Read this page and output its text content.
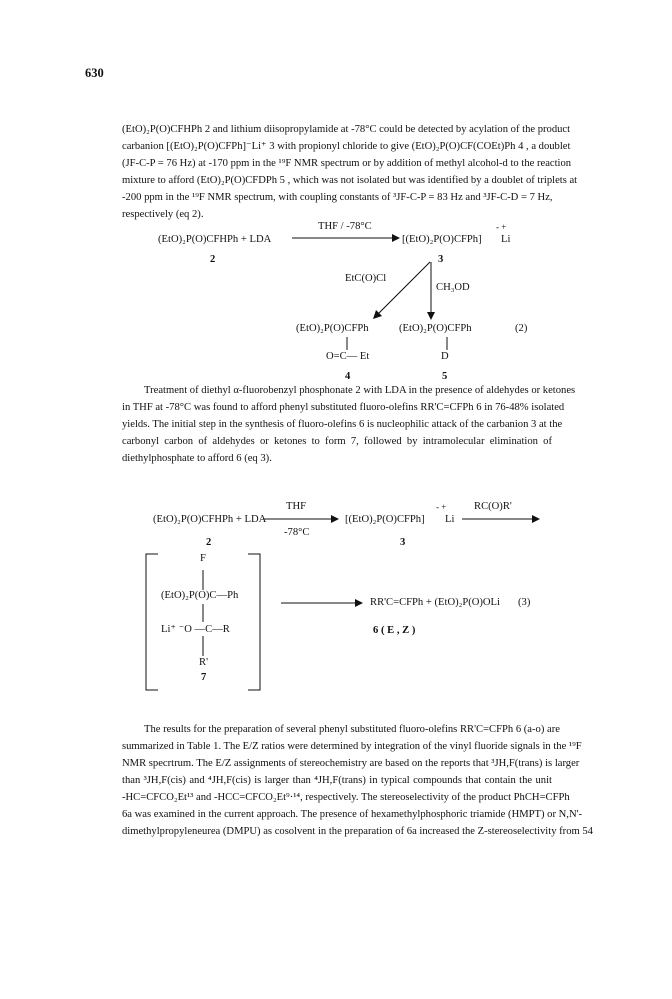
630
(EtO)₂P(O)CFHPh 2 and lithium diisopropylamide at -78°C could be detected by acylation of the product
carbanion [(EtO)₂P(O)CFPh]⁻Li⁺ 3 with propionyl chloride to give (EtO)₂P(O)CF(COEt)Ph 4 , a doublet
(JF-C-P = 76 Hz) at -170 ppm in the ¹⁹F NMR spectrum or by addition of methyl alcohol-d to the reaction
mixture to afford (EtO)₂P(O)CFDPh 5 , which was not isolated but was identified by a doublet of triplets at
-200 ppm in the ¹⁹F NMR spectrum, with coupling constants of ³JF-C-P = 83 Hz and ³JF-C-D = 7 Hz,
respectively (eq 2).
(EtO)₂P(O)CFHPh + LDA
2
THF / -78°C
[(EtO)₂P(O)CFPh]
- +
Li
3
EtC(O)Cl
CH₃OD
(EtO)₂P(O)CFPh
O=C— Et
(EtO)₂P(O)CFPh
D
(2)
4	5
Treatment of diethyl α-fluorobenzyl phosphonate 2 with LDA in the presence of aldehydes or ketones
in THF at -78°C was found to afford phenyl substituted fluoro-olefins RR'C=CFPh 6 in 76-48% isolated
yields. The initial step in the synthesis of fluoro-olefins 6 is nucleophilic attack of the carbanion 3 at the
carbonyl carbon of aldehydes or ketones to form 7, followed by intramolecular elimination of
diethylphosphate to afford 6 (eq 3).
(EtO)₂P(O)CFHPh + LDA
2
THF
-78°C
[(EtO)₂P(O)CFPh]
- +
Li
3
RC(O)R'
F
(EtO)₂P(O)C—Ph
Li⁺ ⁻O —C—R
R'
7
RR'C=CFPh + (EtO)₂P(O)OLi (3)
6 ( E , Z )
The results for the preparation of several phenyl substituted fluoro-olefins RR'C=CFPh 6 (a-o) are
summarized in Table 1. The E/Z ratios were determined by integration of the vinyl fluoride signals in the ¹⁹F
NMR specrtrum. The E/Z assignments of stereochemistry are based on the reports that ³JH,F(trans) is larger
than ³JH,F(cis) and ⁴JH,F(cis) is larger than ⁴JH,F(trans) in typical compounds that contain the unit
-HC=CFCO₂Et¹³ and -HCC=CFCO₂Et⁹·¹⁴, respectively. The stereoselectivity of the product PhCH=CFPh
6a was examined in the current approach. The presence of hexamethylphosphoric triamide (HMPT) or N,N'-
dimethylpropyleneurea (DMPU) as cosolvent in the preparation of 6a increased the Z-stereoselectivity from 54
